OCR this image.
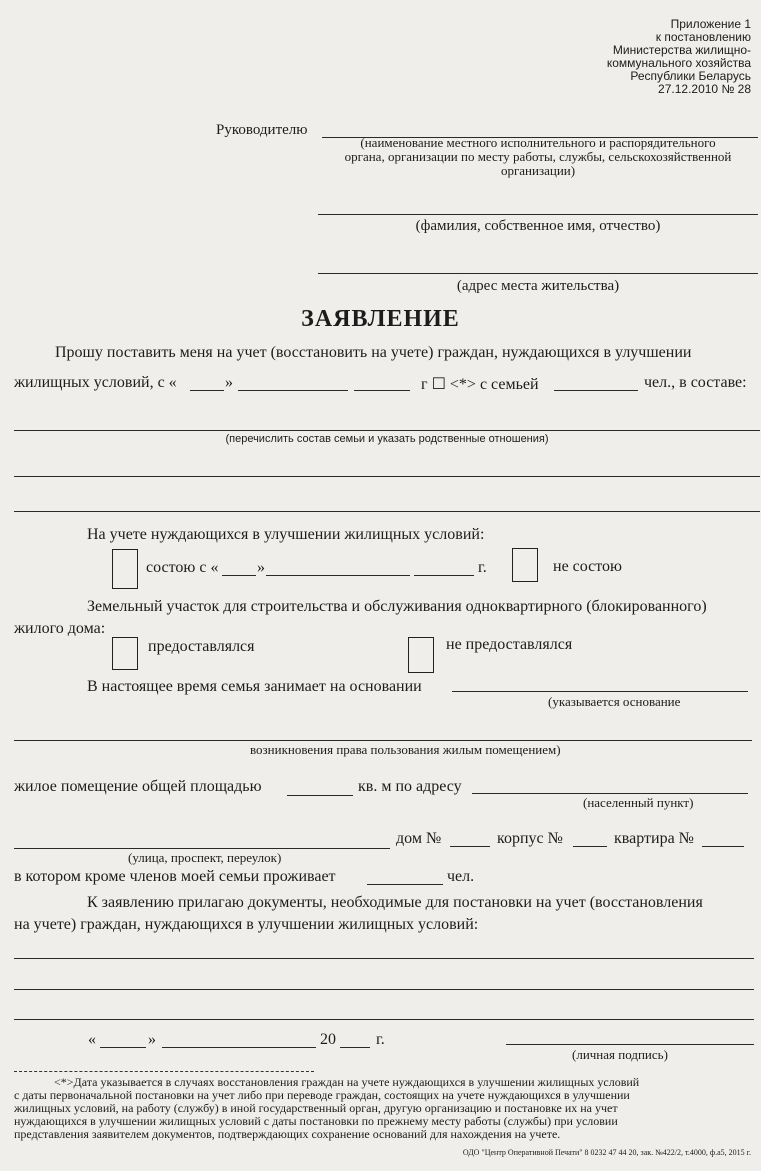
Приложение 1
к постановлению
Министерства жилищно-
коммунального хозяйства
Республики Беларусь
27.12.2010 № 28
Руководителю
(наименование местного исполнительного и распорядительного
органа, организации по месту работы, службы, сельскохозяйственной
организации)
(фамилия, собственное имя, отчество)
(адрес места жительства)
ЗАЯВЛЕНИЕ
Прошу поставить меня на учет (восстановить на учете) граждан, нуждающихся в улучшении
жилищных условий, с «	»	г ☐ <*> с семьей	чел., в составе:
(перечислить состав семьи и указать родственные отношения)
На учете нуждающихся в улучшении жилищных условий:
состою с « »	г.	не состою
Земельный участок для строительства и обслуживания одноквартирного (блокированного)
жилого дома:
предоставлялся	не предоставлялся
В настоящее время семья занимает на основании
(указывается основание
возникновения права пользования жилым помещением)
жилое помещение общей площадью	кв. м по адресу
(населенный пункт)
дом №	корпус №	квартира №
(улица, проспект, переулок)
в котором кроме членов моей семьи проживает	чел.
К заявлению прилагаю документы, необходимые для постановки на учет (восстановления
на учете) граждан, нуждающихся в улучшении жилищных условий:
«	»	20	г.
(личная подпись)
<*>Дата указывается в случаях восстановления граждан на учете нуждающихся в улучшении жилищных условий
с даты первоначальной постановки на учет либо при переводе граждан, состоящих на учете нуждающихся в улучшении
жилищных условий, на работу (службу) в иной государственный орган, другую организацию и постановке их на учет
нуждающихся в улучшении жилищных условий с даты постановки по прежнему месту работы (службы) при условии
представления заявителем документов, подтверждающих сохранение оснований для нахождения на учете.
ОДО "Центр Оперативной Печати" 8 0232 47 44 20, зак. №422/2, т.4000, ф.а5, 2015 г.
